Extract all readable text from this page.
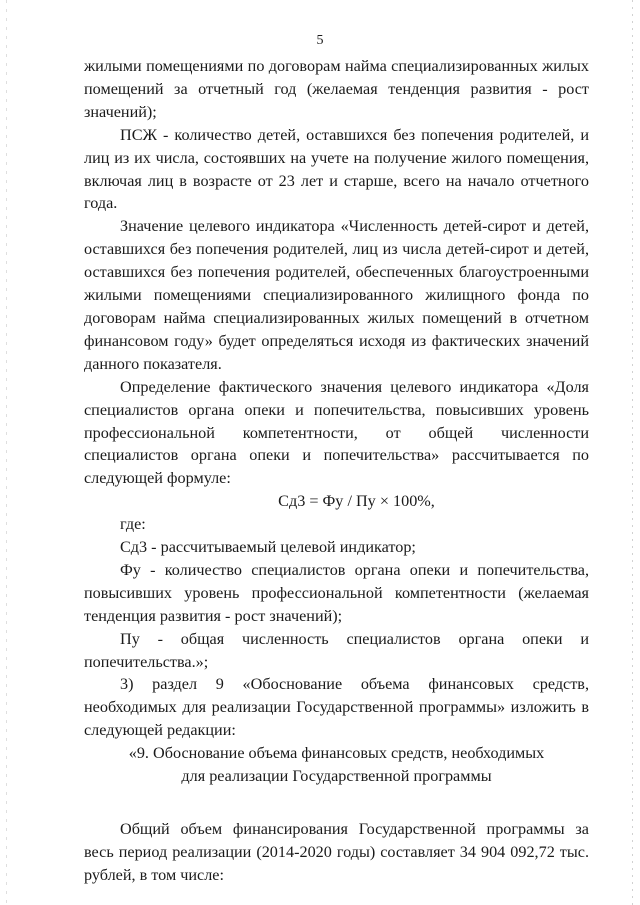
5

жилыми помещениями по договорам найма специализированных жилых помещений за отчетный год (желаемая тенденция развития - рост значений);

ПСЖ - количество детей, оставшихся без попечения родителей, и лиц из их числа, состоявших на учете на получение жилого помещения, включая лиц в возрасте от 23 лет и старше, всего на начало отчетного года.

Значение целевого индикатора «Численность детей-сирот и детей, оставшихся без попечения родителей, лиц из числа детей-сирот и детей, оставшихся без попечения родителей, обеспеченных благоустроенными жилыми помещениями специализированного жилищного фонда по договорам найма специализированных жилых помещений в отчетном финансовом году» будет определяться исходя из фактических значений данного показателя.

Определение фактического значения целевого индикатора «Доля специалистов органа опеки и попечительства, повысивших уровень профессиональной компетентности, от общей численности специалистов органа опеки и попечительства» рассчитывается по следующей формуле:

Сд3 = Фу / Пу × 100%,

где:

Сд3 - рассчитываемый целевой индикатор;

Фу - количество специалистов органа опеки и попечительства, повысивших уровень профессиональной компетентности (желаемая тенденция развития - рост значений);

Пу - общая численность специалистов органа опеки и

попечительства.»;

3) раздел 9 «Обоснование объема финансовых средств, необходимых для реализации Государственной программы» изложить в следующей редакции:

«9. Обоснование объема финансовых средств, необходимых

для реализации Государственной программы

Общий объем финансирования Государственной программы за весь период реализации (2014-2020 годы) составляет 34 904 092,72 тыс. рублей, в том числе:
